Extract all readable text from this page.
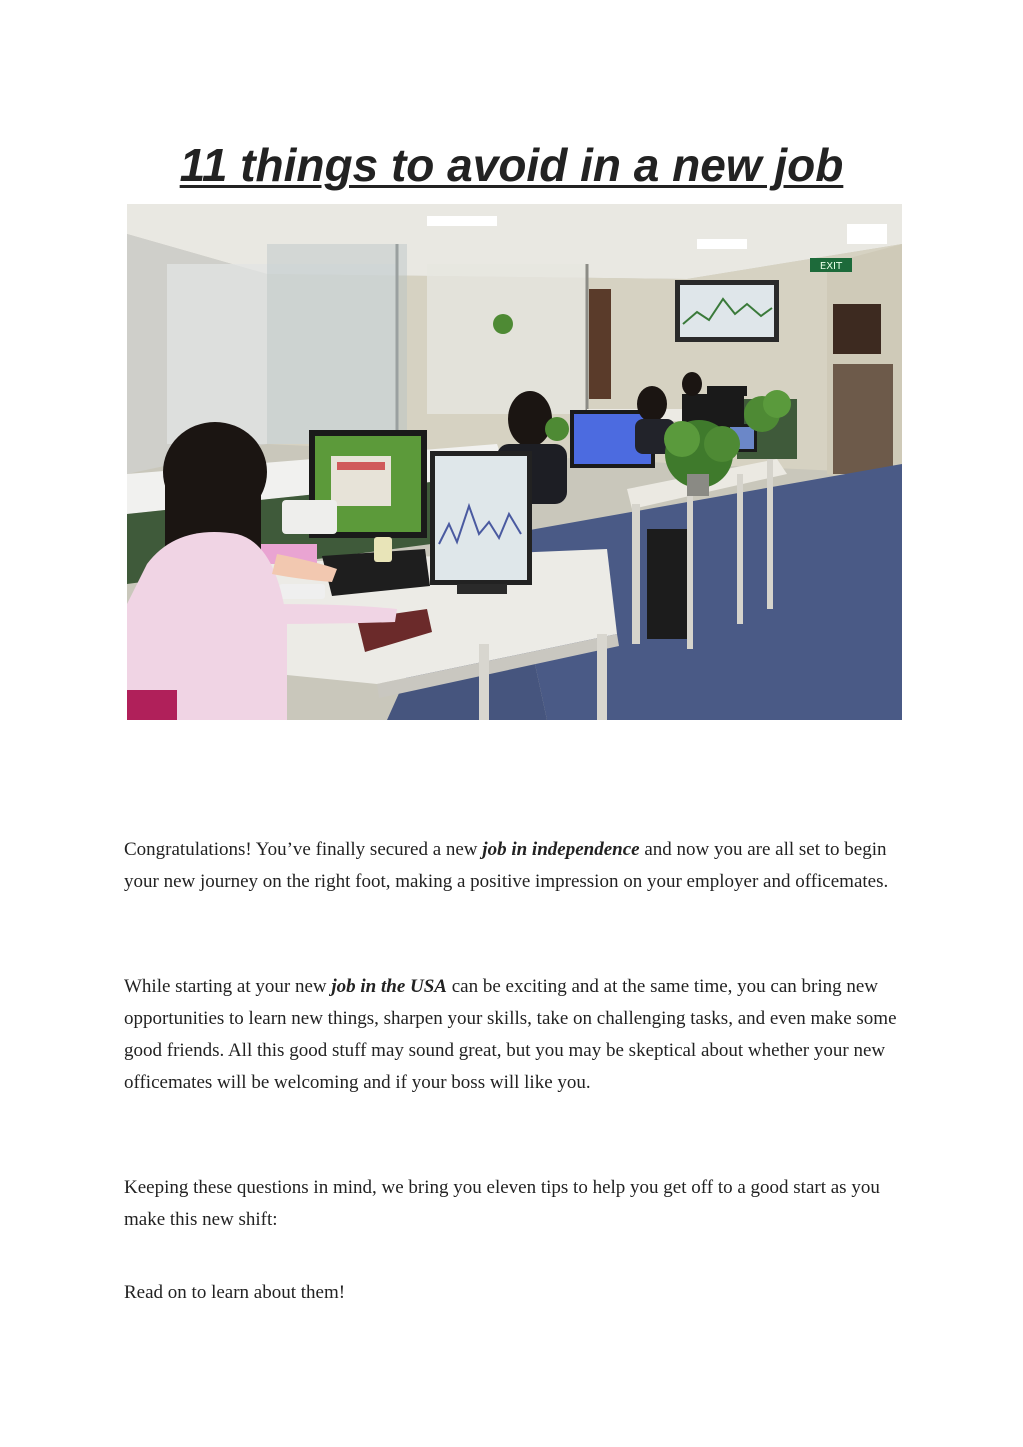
11 things to avoid in a new job
EXIT

Congratulations! You’ve finally secured a new job in independence and now you are all set to begin your new journey on the right foot, making a positive impression on your employer and officemates.

While starting at your new job in the USA can be exciting and at the same time, you can bring new opportunities to learn new things, sharpen your skills, take on challenging tasks, and even make some good friends. All this good stuff may sound great, but you may be skeptical about whether your new officemates will be welcoming and if your boss will like you.

Keeping these questions in mind, we bring you eleven tips to help you get off to a good start as you make this new shift:

Read on to learn about them!
